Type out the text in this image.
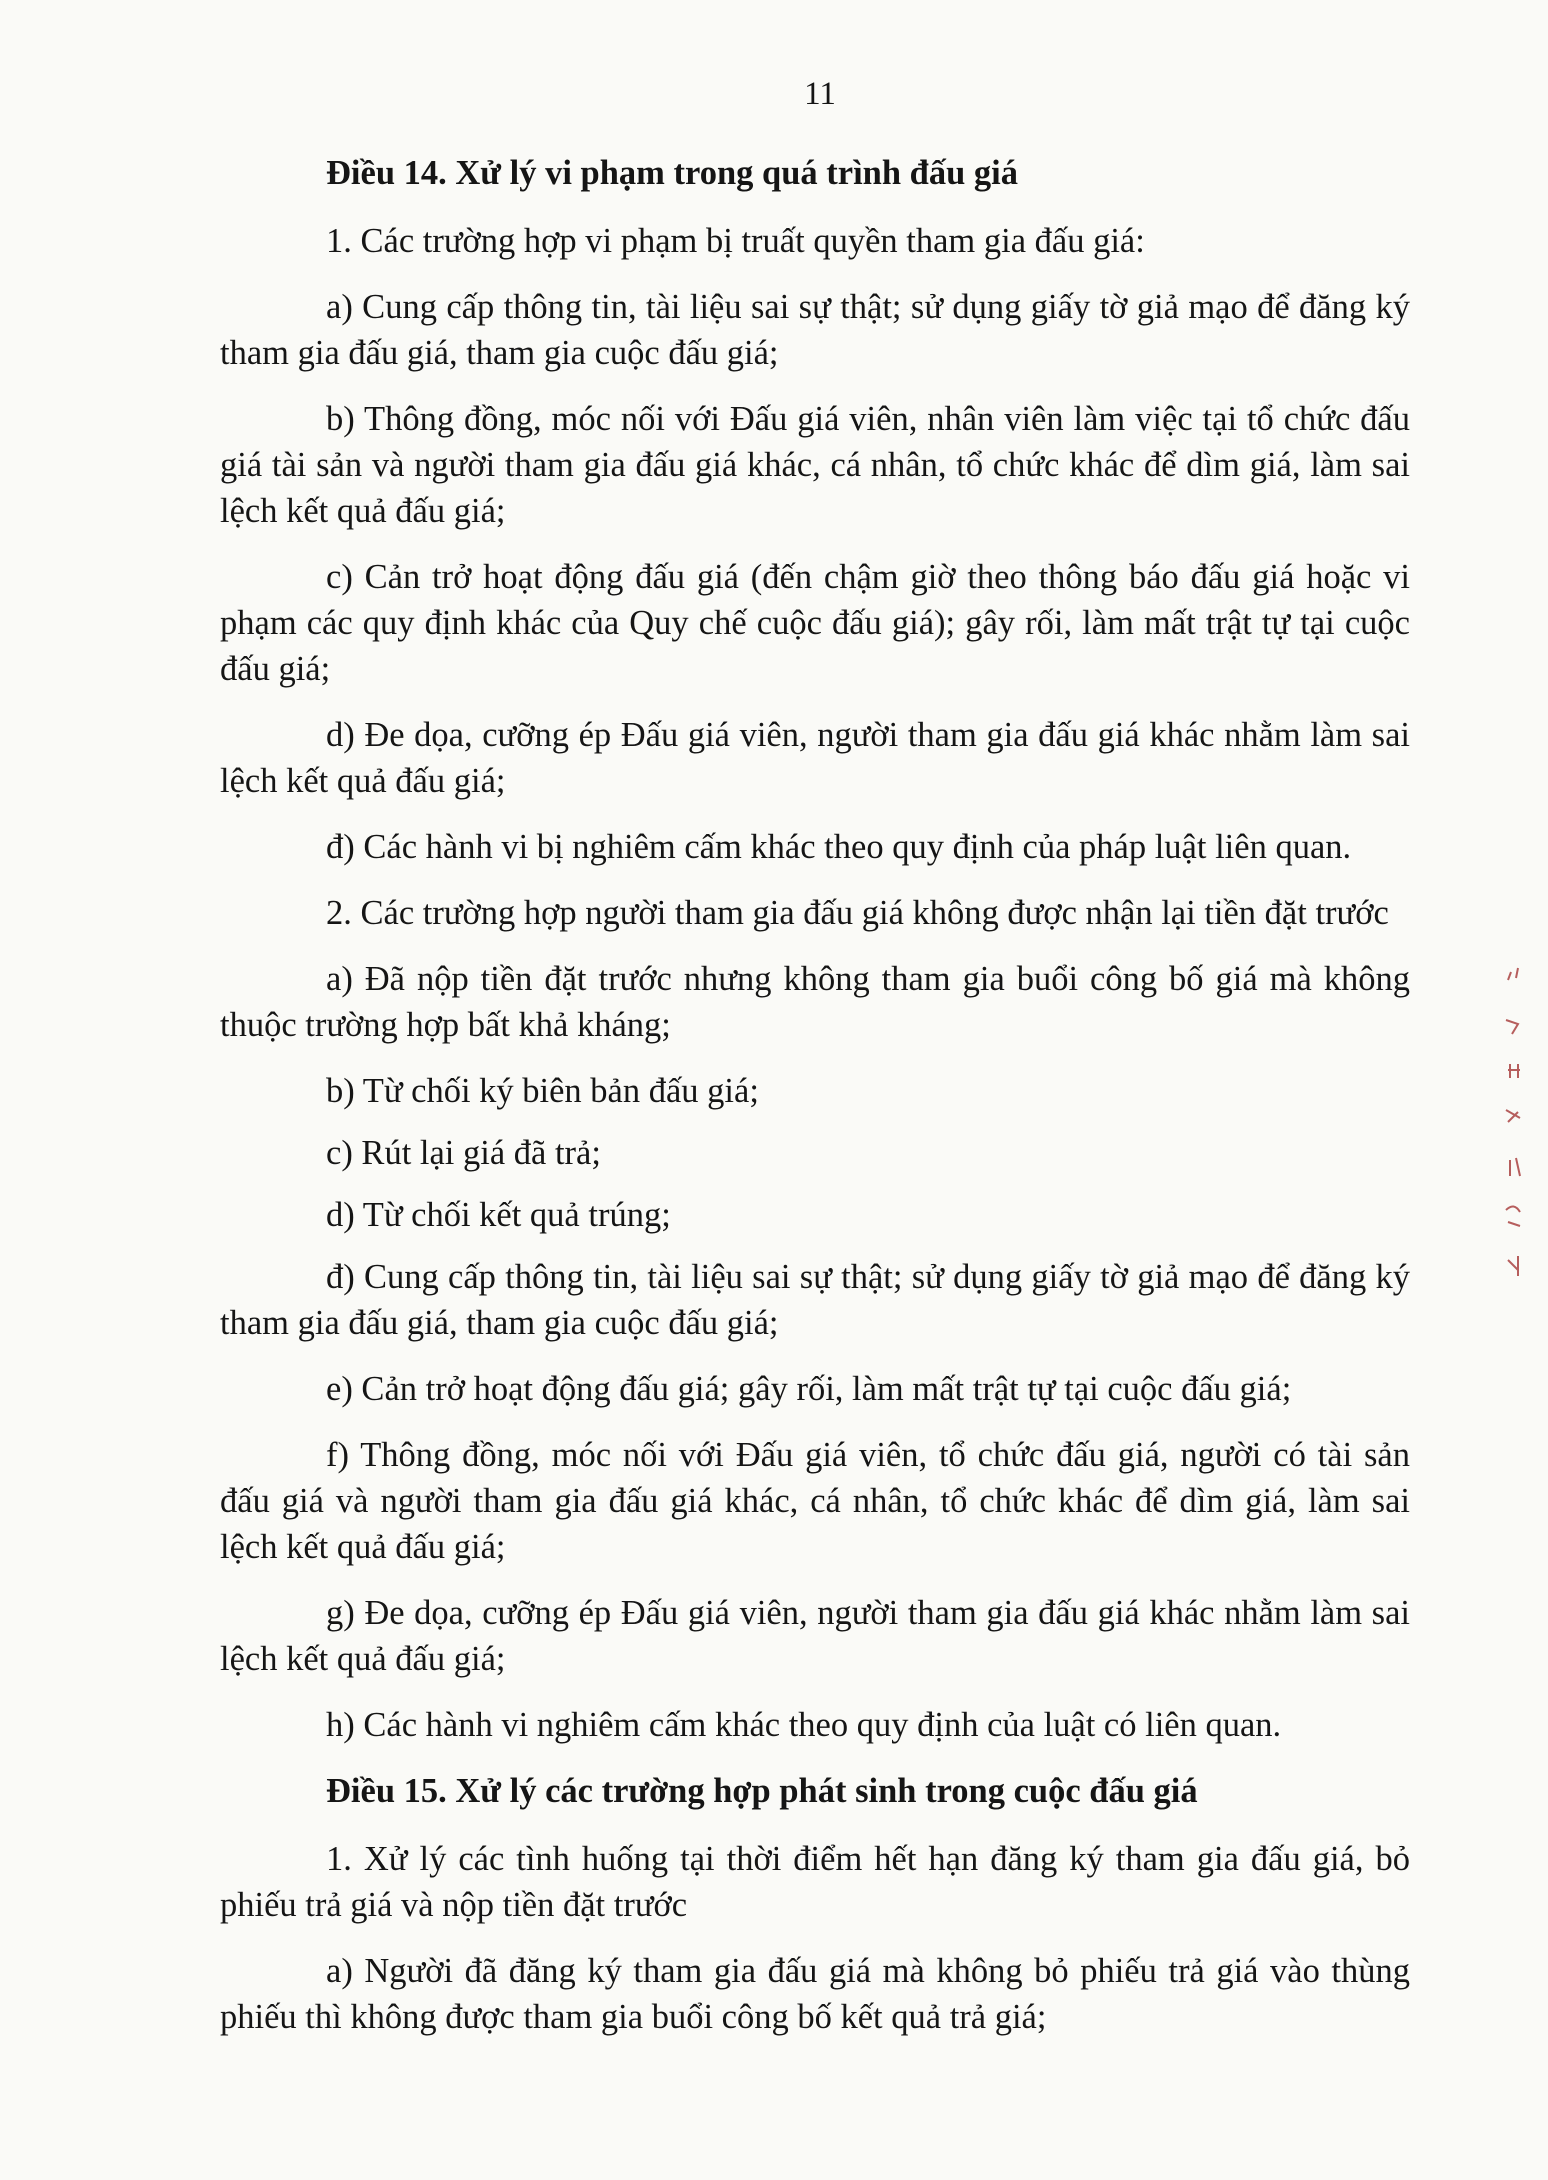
11

Điều 14. Xử lý vi phạm trong quá trình đấu giá

1. Các trường hợp vi phạm bị truất quyền tham gia đấu giá:

a) Cung cấp thông tin, tài liệu sai sự thật; sử dụng giấy tờ giả mạo để đăng ký tham gia đấu giá, tham gia cuộc đấu giá;

b) Thông đồng, móc nối với Đấu giá viên, nhân viên làm việc tại tổ chức đấu giá tài sản và người tham gia đấu giá khác, cá nhân, tổ chức khác để dìm giá, làm sai lệch kết quả đấu giá;

c) Cản trở hoạt động đấu giá (đến chậm giờ theo thông báo đấu giá hoặc vi phạm các quy định khác của Quy chế cuộc đấu giá); gây rối, làm mất trật tự tại cuộc đấu giá;

d) Đe dọa, cưỡng ép Đấu giá viên, người tham gia đấu giá khác nhằm làm sai lệch kết quả đấu giá;

đ) Các hành vi bị nghiêm cấm khác theo quy định của pháp luật liên quan.

2. Các trường hợp người tham gia đấu giá không được nhận lại tiền đặt trước

a) Đã nộp tiền đặt trước nhưng không tham gia buổi công bố giá mà không thuộc trường hợp bất khả kháng;

b) Từ chối ký biên bản đấu giá;

c) Rút lại giá đã trả;

d) Từ chối kết quả trúng;

đ) Cung cấp thông tin, tài liệu sai sự thật; sử dụng giấy tờ giả mạo để đăng ký tham gia đấu giá, tham gia cuộc đấu giá;

e) Cản trở hoạt động đấu giá; gây rối, làm mất trật tự tại cuộc đấu giá;

f) Thông đồng, móc nối với Đấu giá viên, tổ chức đấu giá, người có tài sản đấu giá và người tham gia đấu giá khác, cá nhân, tổ chức khác để dìm giá, làm sai lệch kết quả đấu giá;

g) Đe dọa, cưỡng ép Đấu giá viên, người tham gia đấu giá khác nhằm làm sai lệch kết quả đấu giá;

h) Các hành vi nghiêm cấm khác theo quy định của luật có liên quan.

Điều 15. Xử lý các trường hợp phát sinh trong cuộc đấu giá

1. Xử lý các tình huống tại thời điểm hết hạn đăng ký tham gia đấu giá, bỏ phiếu trả giá và nộp tiền đặt trước

a) Người đã đăng ký tham gia đấu giá mà không bỏ phiếu trả giá vào thùng phiếu thì không được tham gia buổi công bố kết quả trả giá;
